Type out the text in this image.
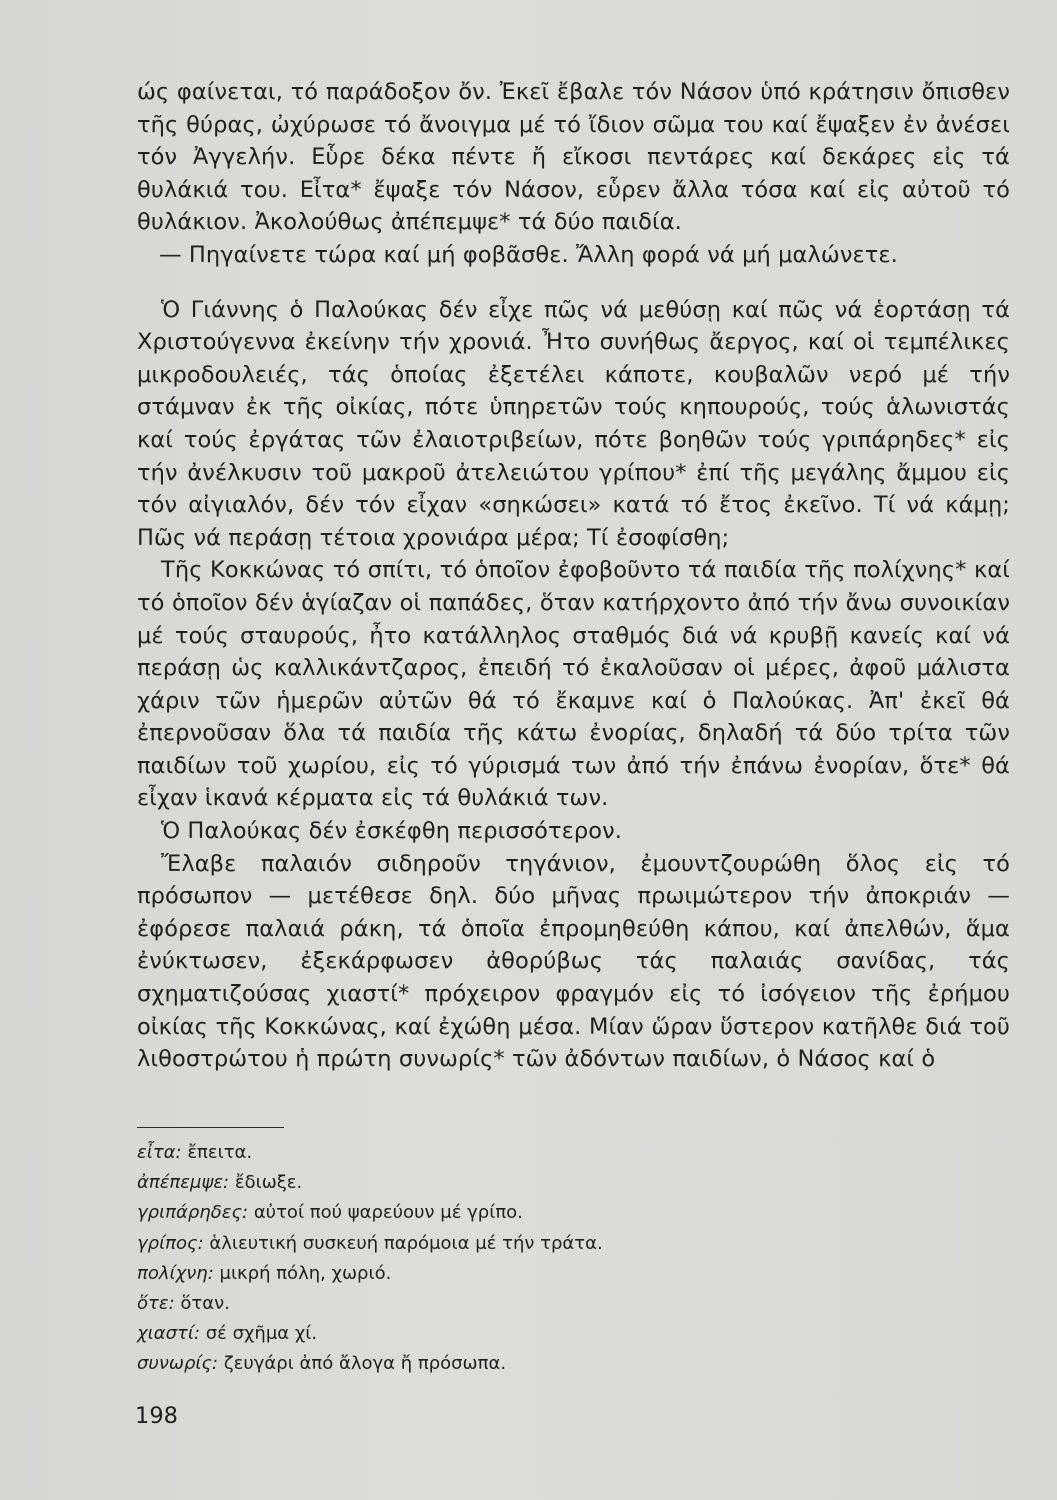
ώς φαίνεται, τό παράδοξον ὄν. Ἐκεῖ ἔβαλε τόν Νάσον ὑπό κράτησιν ὄπισθεν τῆς θύρας, ὠχύρωσε τό ἄνοιγμα μέ τό ἴδιον σῶμα του καί ἔψαξεν ἐν ἀνέσει τόν Ἀγγελήν. Εὗρε δέκα πέντε ἤ εἴκοσι πεντάρες καί δεκάρες εἰς τά θυλάκιά του. Εἶτα* ἔψαξε τόν Νάσον, εὗρεν ἄλλα τόσα καί εἰς αὐτοῦ τό θυλάκιον. Ἀκολούθως ἀπέπεμψε* τά δύο παιδία.

— Πηγαίνετε τώρα καί μή φοβᾶσθε. Ἄλλη φορά νά μή μαλώνετε.

Ὁ Γιάννης ὁ Παλούκας δέν εἶχε πῶς νά μεθύσῃ καί πῶς νά ἑορτάσῃ τά Χριστούγεννα ἐκείνην τήν χρονιά. Ἦτο συνήθως ἄεργος, καί οἱ τεμπέλικες μικροδουλειές, τάς ὁποίας ἐξετέλει κάποτε, κουβαλῶν νερό μέ τήν στάμναν ἐκ τῆς οἰκίας, πότε ὑπηρετῶν τούς κηπουρούς, τούς ἁλωνιστάς καί τούς ἐργάτας τῶν ἐλαιοτριβείων, πότε βοηθῶν τούς γριπάρηδες* εἰς τήν ἀνέλκυσιν τοῦ μακροῦ ἀτελειώτου γρίπου* ἐπί τῆς μεγάλης ἄμμου εἰς τόν αἰγιαλόν, δέν τόν εἶχαν «σηκώσει» κατά τό ἔτος ἐκεῖνο. Τί νά κάμῃ; Πῶς νά περάσῃ τέτοια χρονιάρα μέρα; Τί ἐσοφίσθη;

Τῆς Κοκκώνας τό σπίτι, τό ὁποῖον ἐφοβοῦντο τά παιδία τῆς πολίχνης* καί τό ὁποῖον δέν ἁγίαζαν οἱ παπάδες, ὅταν κατήρχοντο ἀπό τήν ἄνω συνοικίαν μέ τούς σταυρούς, ἦτο κατάλληλος σταθμός διά νά κρυβῇ κανείς καί νά περάσῃ ὡς καλλικάντζαρος, ἐπειδή τό ἐκαλοῦσαν οἱ μέρες, ἀφοῦ μάλιστα χάριν τῶν ἡμερῶν αὐτῶν θά τό ἔκαμνε καί ὁ Παλούκας. Ἀπ' ἐκεῖ θά ἐπερνοῦσαν ὅλα τά παιδία τῆς κάτω ἐνορίας, δηλαδή τά δύο τρίτα τῶν παιδίων τοῦ χωρίου, εἰς τό γύρισμά των ἀπό τήν ἐπάνω ἐνορίαν, ὅτε* θά εἶχαν ἱκανά κέρματα εἰς τά θυλάκιά των.

Ὁ Παλούκας δέν ἐσκέφθη περισσότερον.

Ἔλαβε παλαιόν σιδηροῦν τηγάνιον, ἐμουντζουρώθη ὅλος εἰς τό πρόσωπον — μετέθεσε δηλ. δύο μῆνας πρωιμώτερον τήν ἀποκριάν — ἐφόρεσε παλαιά ράκη, τά ὁποῖα ἐπρομηθεύθη κάπου, καί ἀπελθών, ἅμα ἐνύκτωσεν, ἐξεκάρφωσεν ἀθορύβως τάς παλαιάς σανίδας, τάς σχηματιζούσας χιαστί* πρόχειρον φραγμόν εἰς τό ἰσόγειον τῆς ἐρήμου οἰκίας τῆς Κοκκώνας, καί ἐχώθη μέσα. Μίαν ὥραν ὕστερον κατῆλθε διά τοῦ λιθοστρώτου ἡ πρώτη συνωρίς* τῶν ἀδόντων παιδίων, ὁ Νάσος καί ὁ

εἶτα: ἔπειτα.
ἀπέπεμψε: ἔδιωξε.
γριπάρηδες: αὐτοί πού ψαρεύουν μέ γρίπο.
γρίπος: ἁλιευτική συσκευή παρόμοια μέ τήν τράτα.
πολίχνη: μικρή πόλη, χωριό.
ὅτε: ὅταν.
χιαστί: σέ σχῆμα χί.
συνωρίς: ζευγάρι ἀπό ἄλογα ἤ πρόσωπα.
198
